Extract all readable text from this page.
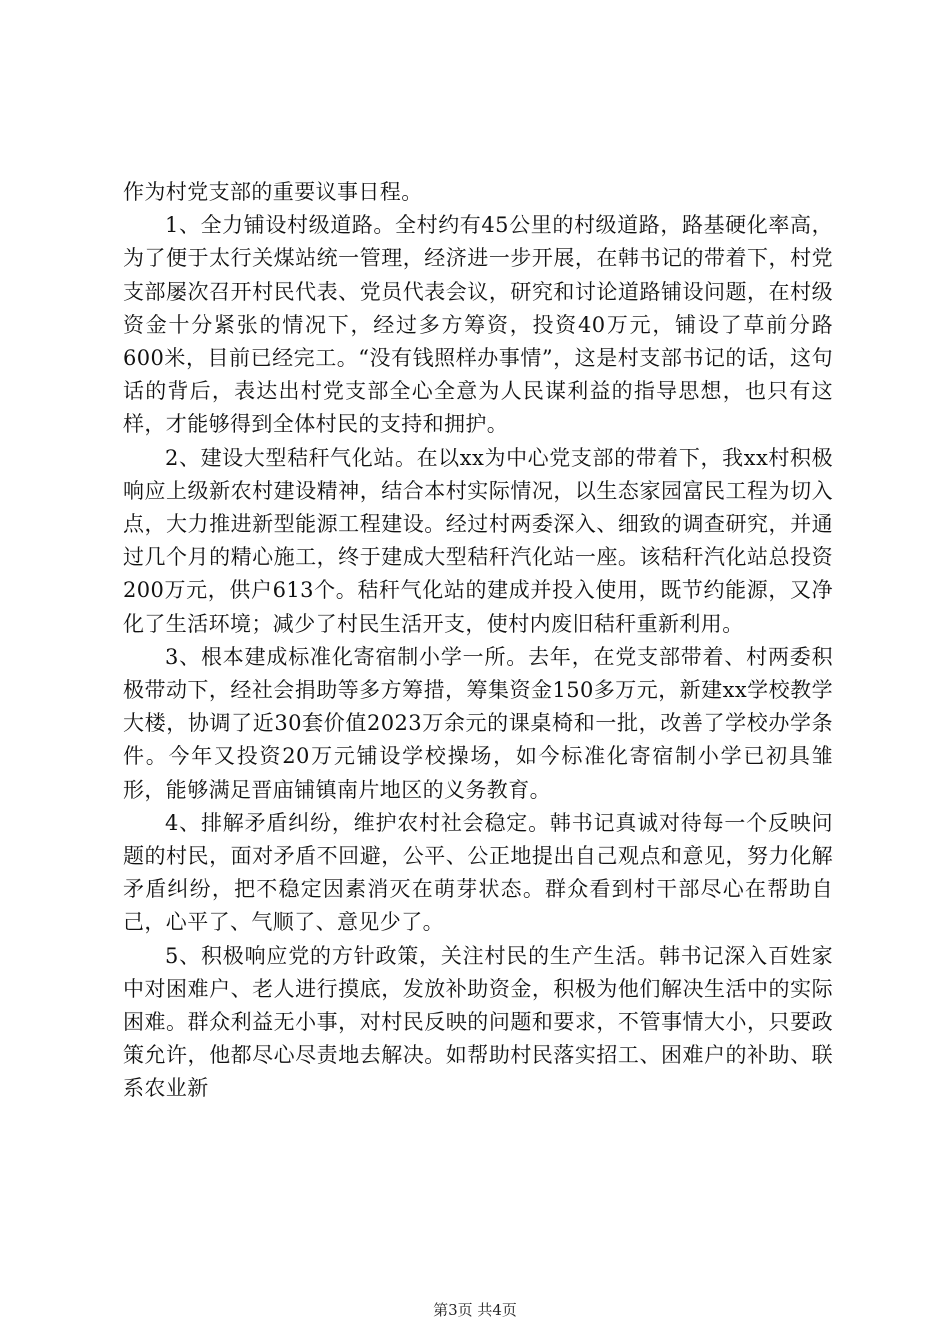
作为村党支部的重要议事日程。

1、全力铺设村级道路。全村约有45公里的村级道路，路基硬化率高，为了便于太行关煤站统一管理，经济进一步开展，在韩书记的带着下，村党支部屡次召开村民代表、党员代表会议，研究和讨论道路铺设问题，在村级资金十分紧张的情况下，经过多方筹资，投资40万元，铺设了草前分路600米，目前已经完工。“没有钱照样办事情”，这是村支部书记的话，这句话的背后，表达出村党支部全心全意为人民谋利益的指导思想，也只有这样，才能够得到全体村民的支持和拥护。

2、建设大型秸秆气化站。在以xx为中心党支部的带着下，我xx村积极响应上级新农村建设精神，结合本村实际情况，以生态家园富民工程为切入点，大力推进新型能源工程建设。经过村两委深入、细致的调查研究，并通过几个月的精心施工，终于建成大型秸秆汽化站一座。该秸秆汽化站总投资200万元，供户613个。秸秆气化站的建成并投入使用，既节约能源，又净化了生活环境；减少了村民生活开支，使村内废旧秸秆重新利用。

3、根本建成标准化寄宿制小学一所。去年，在党支部带着、村两委积极带动下，经社会捐助等多方筹措，筹集资金150多万元，新建xx学校教学大楼，协调了近30套价值2023万余元的课桌椅和一批，改善了学校办学条件。今年又投资20万元铺设学校操场，如今标准化寄宿制小学已初具雏形，能够满足晋庙铺镇南片地区的义务教育。

4、排解矛盾纠纷，维护农村社会稳定。韩书记真诚对待每一个反映问题的村民，面对矛盾不回避，公平、公正地提出自己观点和意见，努力化解矛盾纠纷，把不稳定因素消灭在萌芽状态。群众看到村干部尽心在帮助自己，心平了、气顺了、意见少了。

5、积极响应党的方针政策，关注村民的生产生活。韩书记深入百姓家中对困难户、老人进行摸底，发放补助资金，积极为他们解决生活中的实际困难。群众利益无小事，对村民反映的问题和要求，不管事情大小，只要政策允许，他都尽心尽责地去解决。如帮助村民落实招工、困难户的补助、联系农业新

第3页 共4页
